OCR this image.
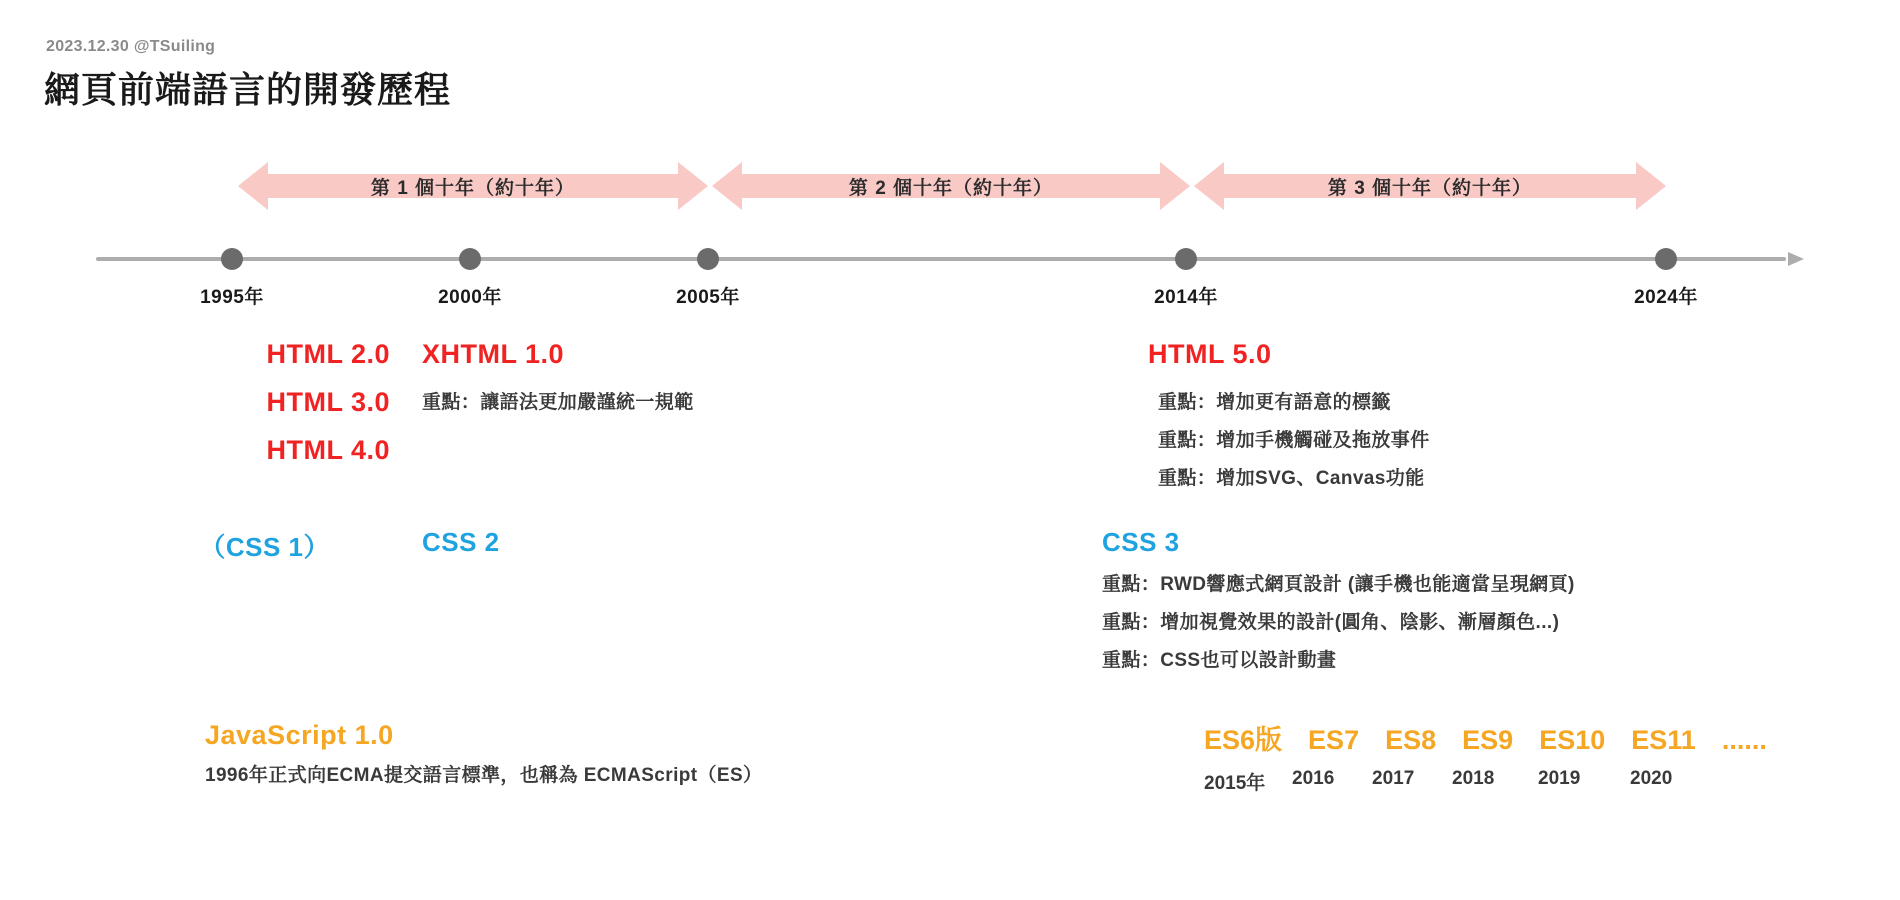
2023.12.30 @TSuiling
網頁前端語言的開發歷程
第 1 個十年（約十年）	第 2 個十年（約十年）	第 3 個十年（約十年）
1995年	2000年	2005年	2014年	2024年
HTML 2.0
HTML 3.0
HTML 4.0
XHTML 1.0
重點：讓語法更加嚴謹統一規範
HTML 5.0
重點：增加更有語意的標籤
重點：增加手機觸碰及拖放事件
重點：增加SVG、Canvas功能
（CSS 1）	CSS 2	CSS 3
重點：RWD響應式網頁設計 (讓手機也能適當呈現網頁)
重點：增加視覺效果的設計(圓角、陰影、漸層顏色...)
重點：CSS也可以設計動畫
JavaScript 1.0
1996年正式向ECMA提交語言標準，也稱為 ECMAScript（ES）
ES6版 ES7 ES8 ES9 ES10 ES11 ......
2015年	2016	2017	2018	2019	2020
